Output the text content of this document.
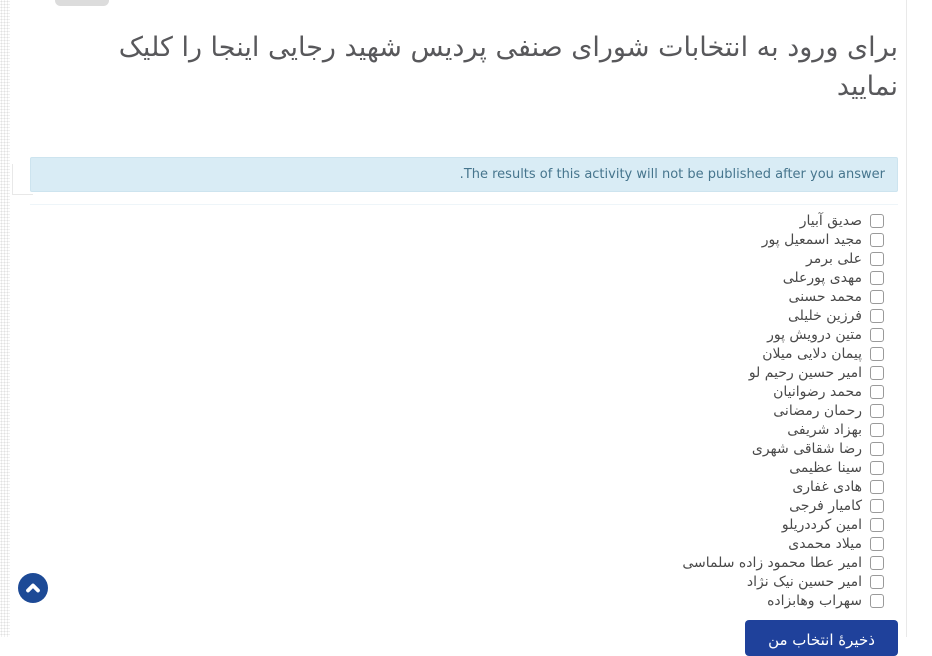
برای ورود به انتخابات شورای صنفی پردیس شهید رجایی اینجا را کلیک نمایید
The results of this activity will not be published after you answer.
صدیق آبیار
مجید اسمعیل پور
علی برمر
مهدی پورعلی
محمد حسنی
فرزین خلیلی
متین درویش پور
پیمان دلایی میلان
امیر حسین رحیم لو
محمد رضوانیان
رحمان رمضانی
بهزاد شریفی
رضا شقاقی شهری
سینا عظیمی
هادی غفاری
کامیار فرجی
امین کرددریلو
میلاد محمدی
امیر عطا محمود زاده سلماسی
امیر حسین نیک نژاد
سهراب وهابزاده
ذخیرهٔ انتخاب من
